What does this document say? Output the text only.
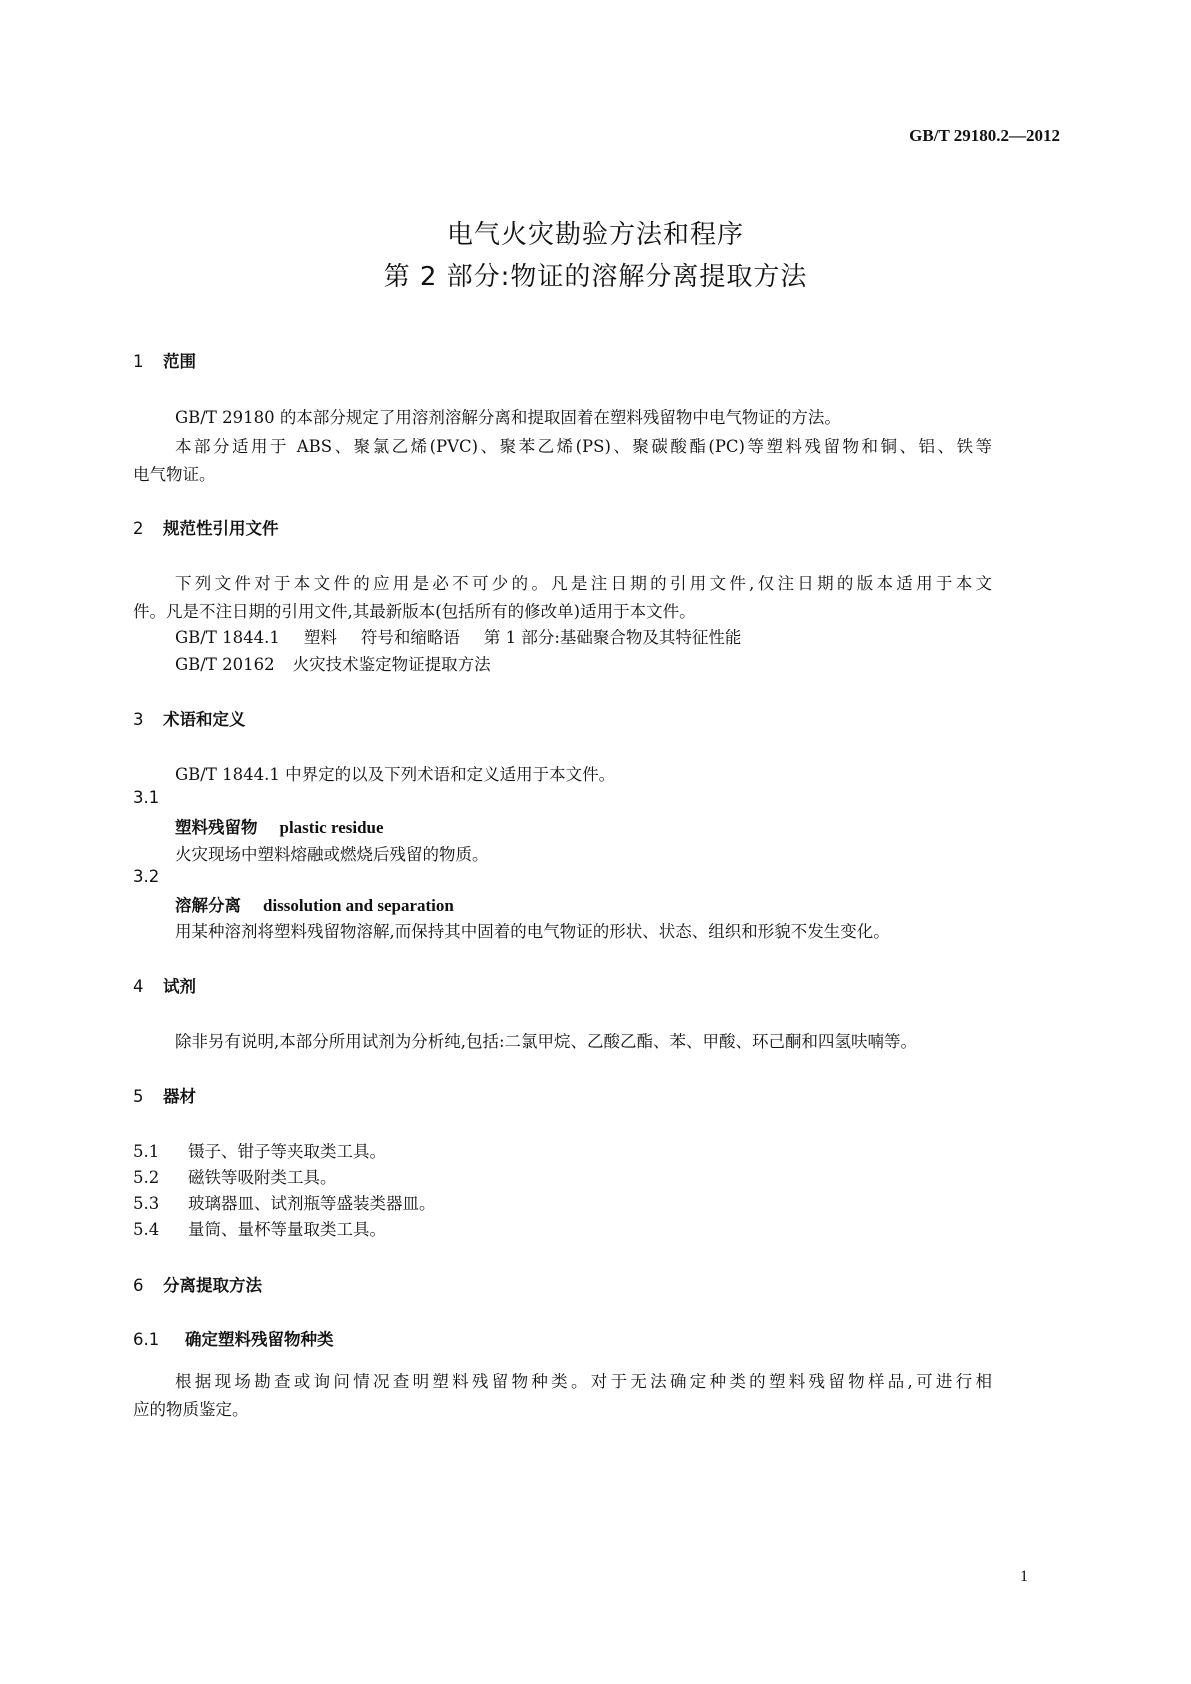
GB/T 29180.2—2012
电气火灾勘验方法和程序
第 2 部分:物证的溶解分离提取方法
1 范围
GB/T 29180 的本部分规定了用溶剂溶解分离和提取固着在塑料残留物中电气物证的方法。
本部分适用于 ABS、聚氯乙烯(PVC)、聚苯乙烯(PS)、聚碳酸酯(PC)等塑料残留物和铜、铝、铁等
电气物证。
2 规范性引用文件
下列文件对于本文件的应用是必不可少的。凡是注日期的引用文件,仅注日期的版本适用于本文
件。凡是不注日期的引用文件,其最新版本(包括所有的修改单)适用于本文件。
GB/T 1844.1 塑料 符号和缩略语 第 1 部分:基础聚合物及其特征性能
GB/T 20162 火灾技术鉴定物证提取方法
3 术语和定义
GB/T 1844.1 中界定的以及下列术语和定义适用于本文件。
3.1
塑料残留物 plastic residue
火灾现场中塑料熔融或燃烧后残留的物质。
3.2
溶解分离 dissolution and separation
用某种溶剂将塑料残留物溶解,而保持其中固着的电气物证的形状、状态、组织和形貌不发生变化。
4 试剂
除非另有说明,本部分所用试剂为分析纯,包括:二氯甲烷、乙酸乙酯、苯、甲酸、环己酮和四氢呋喃等。
5 器材
5.1 镊子、钳子等夹取类工具。
5.2 磁铁等吸附类工具。
5.3 玻璃器皿、试剂瓶等盛装类器皿。
5.4 量筒、量杯等量取类工具。
6 分离提取方法
6.1 确定塑料残留物种类
根据现场勘查或询问情况查明塑料残留物种类。对于无法确定种类的塑料残留物样品,可进行相
应的物质鉴定。
1
